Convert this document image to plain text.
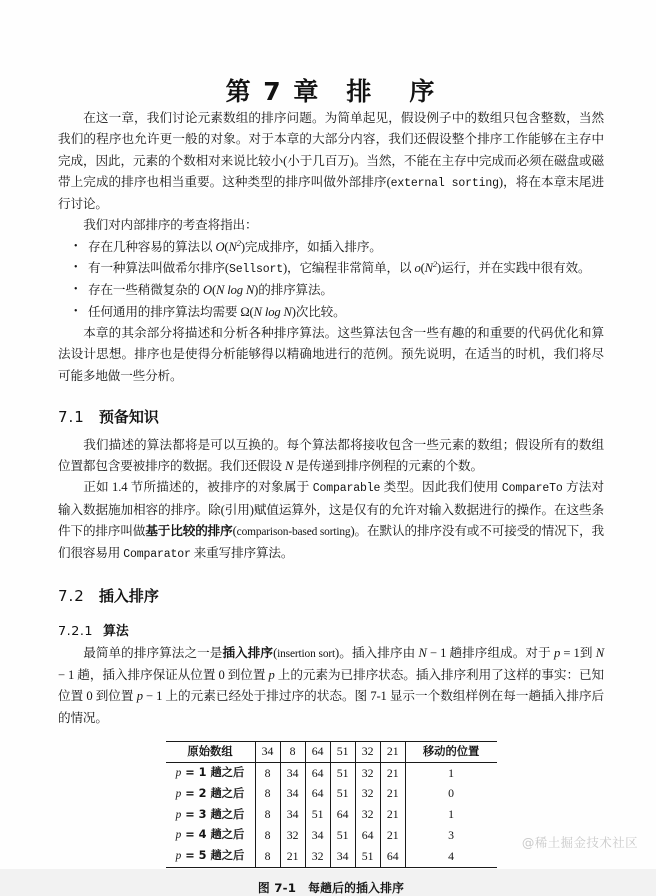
第 7 章 排 序

在这一章，我们讨论元素数组的排序问题。为简单起见，假设例子中的数组只包含整数，当然我们的程序也允许更一般的对象。对于本章的大部分内容，我们还假设整个排序工作能够在主存中完成，因此，元素的个数相对来说比较小(小于几百万)。当然，不能在主存中完成而必须在磁盘或磁带上完成的排序也相当重要。这种类型的排序叫做外部排序(external sorting)，将在本章末尾进行讨论。

我们对内部排序的考查将指出：

• 存在几种容易的算法以 $O(N^2)$完成排序，如插入排序。
• 有一种算法叫做希尔排序(Sellsort)，它编程非常简单，以 $o(N^2)$运行，并在实践中很有效。
• 存在一些稍微复杂的 O(N log N)的排序算法。
• 任何通用的排序算法均需要 Ω(N log N)次比较。

本章的其余部分将描述和分析各种排序算法。这些算法包含一些有趣的和重要的代码优化和算法设计思想。排序也是使得分析能够得以精确地进行的范例。预先说明，在适当的时机，我们将尽可能多地做一些分析。

7.1 预备知识

我们描述的算法都将是可以互换的。每个算法都将接收包含一些元素的数组；假设所有的数组位置都包含要被排序的数据。我们还假设 N 是传递到排序例程的元素的个数。

正如 1.4 节所描述的，被排序的对象属于 Comparable 类型。因此我们使用 CompareTo 方法对输入数据施加相容的排序。除(引用)赋值运算外，这是仅有的允许对输入数据进行的操作。在这些条件下的排序叫做基于比较的排序(comparison-based sorting)。在默认的排序没有或不可接受的情况下，我们很容易用 Comparator 来重写排序算法。

7.2 插入排序
7.2.1 算法

最简单的排序算法之一是插入排序(insertion sort)。插入排序由 N − 1 趟排序组成。对于 p = 1到 N − 1 趟，插入排序保证从位置 0 到位置 p 上的元素为已排序状态。插入排序利用了这样的事实：已知位置 0 到位置 p − 1 上的元素已经处于排过序的状态。图 7-1 显示一个数组样例在每一趟插入排序后的情况。

原始数组	34	8	64	51	32	21	移动的位置
p = 1 趟之后	8	34	64	51	32	21	1
p = 2 趟之后	8	34	64	51	32	21	0
p = 3 趟之后	8	34	51	64	32	21	1
p = 4 趟之后	8	32	34	51	64	21	3
p = 5 趟之后	8	21	32	34	51	64	4
图 7-1 每趟后的插入排序
@稀土掘金技术社区
